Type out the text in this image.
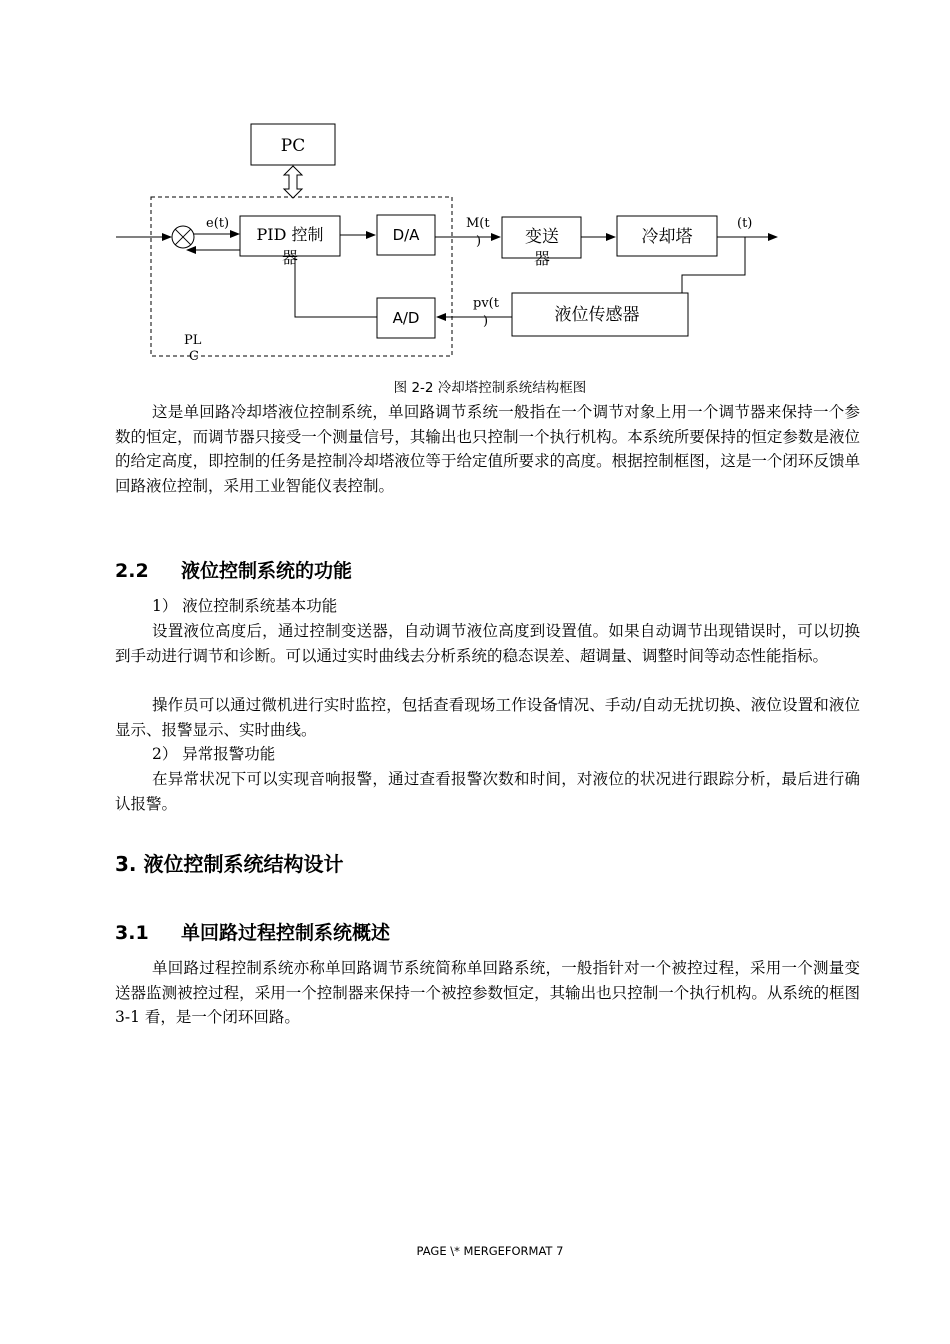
PC
e(t)
PID 控制
器
D/A
M(t
)	变送
器
冷却塔
(t)
液位传感器
pv(t
)
A/D
PL
C
图 2-2 冷却塔控制系统结构框图

这是单回路冷却塔液位控制系统，单回路调节系统一般指在一个调节对象上用一个调节器来保持一个参数的恒定，而调节器只接受一个测量信号，其输出也只控制一个执行机构。本系统所要保持的恒定参数是液位的给定高度，即控制的任务是控制冷却塔液位等于给定值所要求的高度。根据控制框图，这是一个闭环反馈单回路液位控制，采用工业智能仪表控制。

2.2 液位控制系统的功能

1） 液位控制系统基本功能

设置液位高度后，通过控制变送器，自动调节液位高度到设置值。如果自动调节出现错误时，可以切换到手动进行调节和诊断。可以通过实时曲线去分析系统的稳态误差、超调量、调整时间等动态性能指标。

操作员可以通过微机进行实时监控，包括查看现场工作设备情况、手动/自动无扰切换、液位设置和液位显示、报警显示、实时曲线。

2） 异常报警功能

在异常状况下可以实现音响报警，通过查看报警次数和时间，对液位的状况进行跟踪分析，最后进行确认报警。

3. 液位控制系统结构设计
3.1 单回路过程控制系统概述

单回路过程控制系统亦称单回路调节系统简称单回路系统，一般指针对一个被控过程，采用一个测量变送器监测被控过程，采用一个控制器来保持一个被控参数恒定，其输出也只控制一个执行机构。从系统的框图 3-1 看，是一个闭环回路。

PAGE \* MERGEFORMAT 7
